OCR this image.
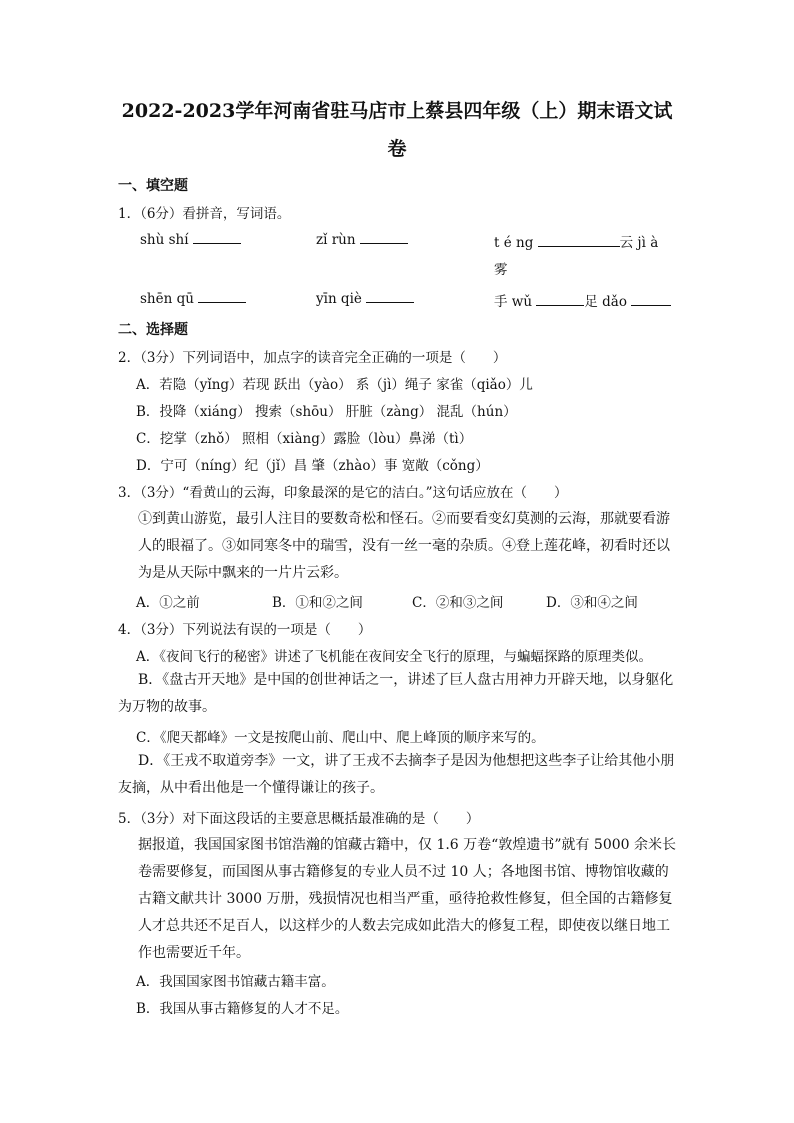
2022-2023学年河南省驻马店市上蔡县四年级（上）期末语文试
卷
一、填空题
1．（6分）看拼音，写词语。
shù shí	zǐ rùn	t é ng	云 jì à
雾
shēn qū	yīn qiè	手 wǔ	足 dǎo
二、选择题
2．（3分）下列词语中，加点字的读音完全正确的一项是（　　）
A．若隐（yǐng）若现 跃出（yào） 系（jì）绳子 家雀（qiǎo）儿
B．投降（xiáng） 搜索（shōu） 肝脏（zàng） 混乱（hún）
C．挖掌（zhǒ） 照相（xiàng）露脸（lòu）鼻涕（tì）
D．宁可（níng）纪（jǐ）昌 肇（zhào）事 宽敞（cǒng）
3．（3分）“看黄山的云海，印象最深的是它的洁白。”这句话应放在（　　）
①到黄山游览，最引人注目的要数奇松和怪石。②而要看变幻莫测的云海，那就要看游人的眼福了。③如同寒冬中的瑞雪，没有一丝一毫的杂质。④登上莲花峰，初看时还以为是从天际中飘来的一片片云彩。
A．①之前	B．①和②之间	C．②和③之间	D．③和④之间
4．（3分）下列说法有误的一项是（　　）
A．《夜间飞行的秘密》讲述了飞机能在夜间安全飞行的原理，与蝙蝠探路的原理类似。
B．《盘古开天地》是中国的创世神话之一，讲述了巨人盘古用神力开辟天地，以身躯化为万物的故事。
C．《爬天都峰》一文是按爬山前、爬山中、爬上峰顶的顺序来写的。
D．《王戎不取道旁李》一文，讲了王戎不去摘李子是因为他想把这些李子让给其他小朋友摘，从中看出他是一个懂得谦让的孩子。
5．（3分）对下面这段话的主要意思概括最准确的是（　　）
据报道，我国国家图书馆浩瀚的馆藏古籍中，仅 1.6 万卷“敦煌遗书”就有 5000 余米长卷需要修复，而国图从事古籍修复的专业人员不过 10 人；各地图书馆、博物馆收藏的古籍文献共计 3000 万册，残损情况也相当严重，亟待抢救性修复，但全国的古籍修复人才总共还不足百人，以这样少的人数去完成如此浩大的修复工程，即使夜以继日地工作也需要近千年。
A．我国国家图书馆藏古籍丰富。
B．我国从事古籍修复的人才不足。
